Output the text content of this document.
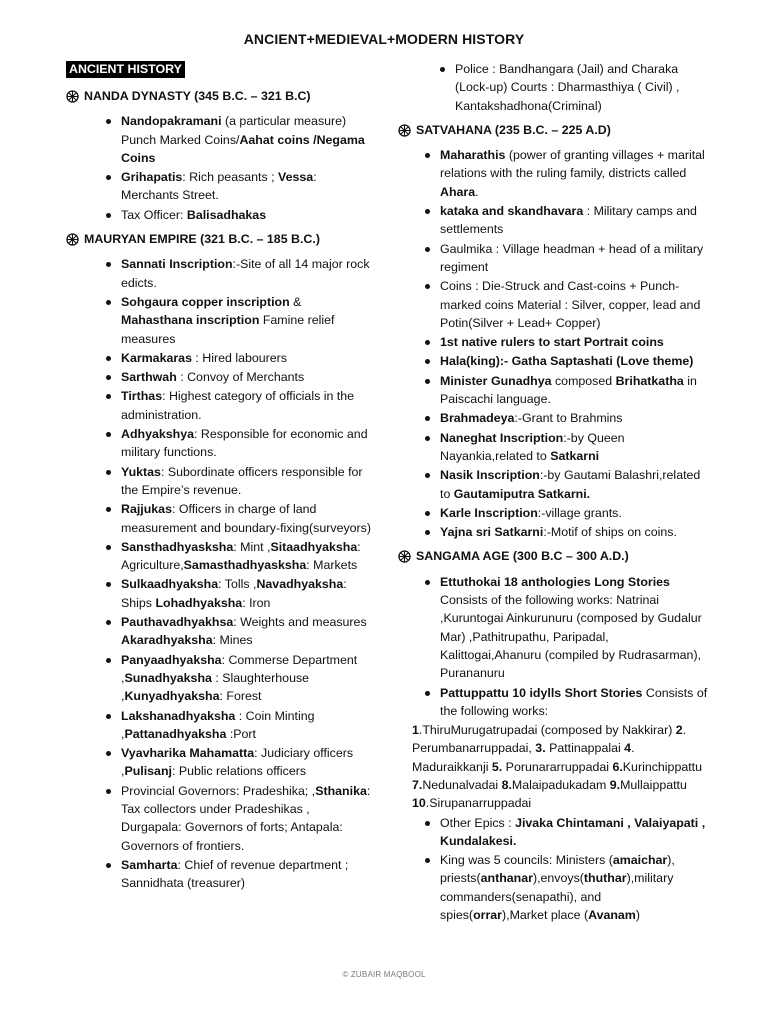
ANCIENT+MEDIEVAL+MODERN HISTORY
ANCIENT HISTORY
NANDA DYNASTY (345 B.C. – 321 B.C)
Nandopakramani (a particular measure) Punch Marked Coins/Aahat coins /Negama Coins
Grihapatis: Rich peasants ; Vessa: Merchants Street.
Tax Officer: Balisadhakas
MAURYAN EMPIRE (321 B.C. – 185 B.C.)
Sannati Inscription:-Site of all 14 major rock edicts.
Sohgaura copper inscription & Mahasthana inscription Famine relief measures
Karmakaras : Hired labourers
Sarthwah : Convoy of Merchants
Tirthas: Highest category of officials in the administration.
Adhyakshya: Responsible for economic and military functions.
Yuktas: Subordinate officers responsible for the Empire’s revenue.
Rajjukas: Officers in charge of land measurement and boundary-fixing(surveyors)
Sansthadhyasksha: Mint ,Sitaadhyaksha: Agriculture,Samasthadhyasksha: Markets
Sulkaadhyaksha: Tolls ,Navadhyaksha: Ships Lohadhyaksha: Iron
Pauthavadhyakhsa: Weights and measures Akaradhyaksha: Mines
Panyaadhyaksha: Commerse Department ,Sunadhyaksha : Slaughterhouse ,Kunyadhyaksha: Forest
Lakshanadhyaksha : Coin Minting ,Pattanadhyaksha :Port
Vyavharika Mahamatta: Judiciary officers ,Pulisanj: Public relations officers
Provincial Governors: Pradeshika; ,Sthanika: Tax collectors under Pradeshikas , Durgapala: Governors of forts; Antapala: Governors of frontiers.
Samharta: Chief of revenue department ; Sannidhata (treasurer)
Police : Bandhangara (Jail) and Charaka (Lock-up) Courts : Dharmasthiya ( Civil) , Kantakshadhona(Criminal)
SATVAHANA (235 B.C. – 225 A.D)
Maharathis (power of granting villages + marital relations with the ruling family, districts called Ahara.
kataka and skandhavara : Military camps and settlements
Gaulmika : Village headman + head of a military regiment
Coins : Die-Struck and Cast-coins + Punch-marked coins Material : Silver, copper, lead and Potin(Silver + Lead+ Copper)
1st native rulers to start Portrait coins
Hala(king):- Gatha Saptashati (Love theme)
Minister Gunadhya composed Brihatkatha in Paiscachi language.
Brahmadeya:-Grant to Brahmins
Naneghat Inscription:-by Queen Nayankia,related to Satkarni
Nasik Inscription:-by Gautami Balashri,related to Gautamiputra Satkarni.
Karle Inscription:-village grants.
Yajna sri Satkarni:-Motif of ships on coins.
SANGAMA AGE (300 B.C – 300 A.D.)
Ettuthokai 18 anthologies Long Stories Consists of the following works: Natrinai ,Kuruntogai Ainkurunuru (composed by Gudalur Mar) ,Pathitrupathu, Paripadal, Kalittogai,Ahanuru (compiled by Rudrasarman), Purananuru
Pattuppattu 10 idylls Short Stories Consists of the following works:
1.ThiruMurugatrupadai (composed by Nakkirar) 2. Perumbanarruppadai, 3. Pattinappalai 4. Maduraikkanji 5. Porunararruppadai 6.Kurinchippattu 7.Nedunalvadai 8.Malaipadukadam 9.Mullaippattu 10.Sirupanarruppadai
Other Epics : Jivaka Chintamani , Valaiyapati , Kundalakesi.
King was 5 councils: Ministers (amaichar), priests(anthanar),envoys(thuthar),military commanders(senapathi), and spies(orrar),Market place (Avanam)
© ZUBAIR MAQBOOL
